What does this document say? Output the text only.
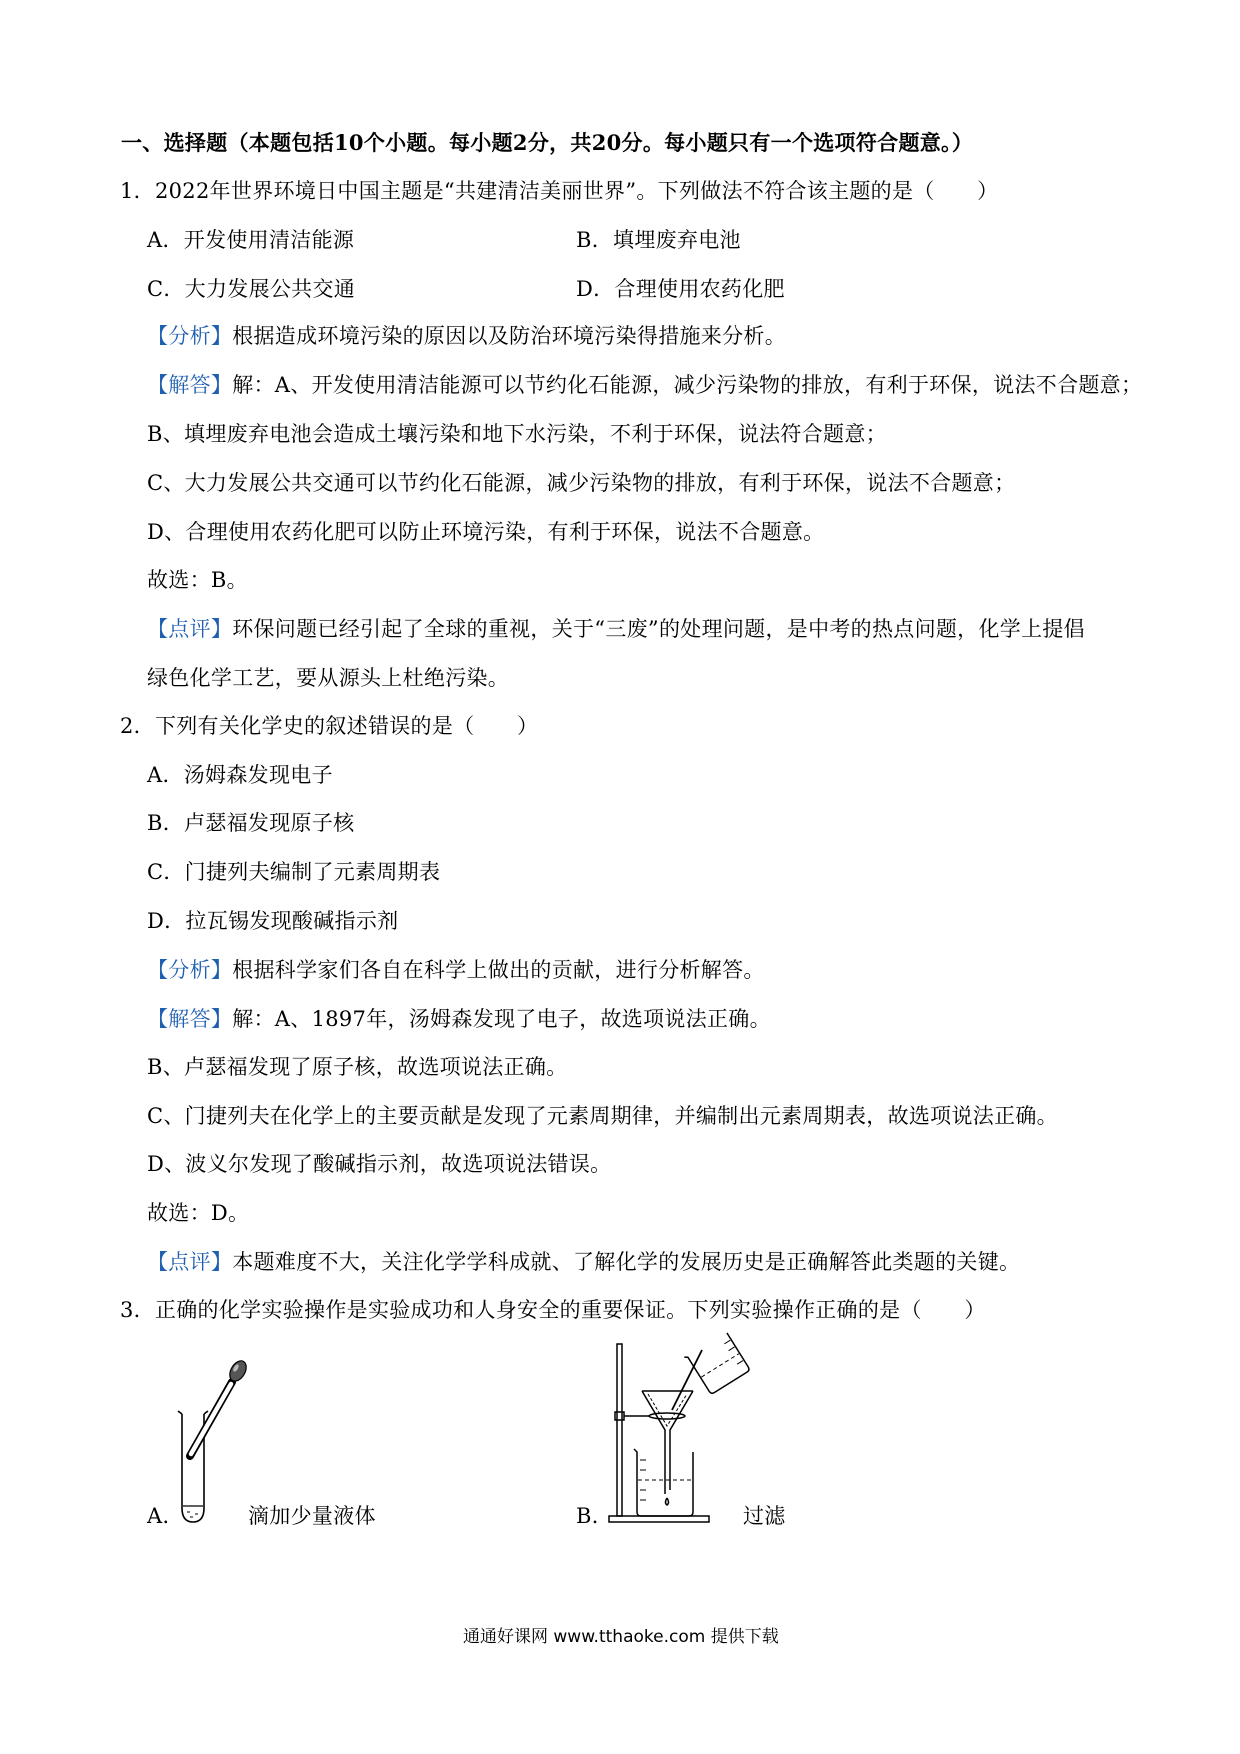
一、选择题（本题包括10个小题。每小题2分，共20分。每小题只有一个选项符合题意。）
1．2022年世界环境日中国主题是“共建清洁美丽世界”。下列做法不符合该主题的是（　　）
A．开发使用清洁能源	B．填埋废弃电池
C．大力发展公共交通	D．合理使用农药化肥
【分析】根据造成环境污染的原因以及防治环境污染得措施来分析。
【解答】解：A、开发使用清洁能源可以节约化石能源，减少污染物的排放，有利于环保，说法不合题意；
B、填埋废弃电池会造成土壤污染和地下水污染，不利于环保，说法符合题意；
C、大力发展公共交通可以节约化石能源，减少污染物的排放，有利于环保，说法不合题意；
D、合理使用农药化肥可以防止环境污染，有利于环保，说法不合题意。
故选：B。
【点评】环保问题已经引起了全球的重视，关于“三废”的处理问题，是中考的热点问题，化学上提倡
绿色化学工艺，要从源头上杜绝污染。
2．下列有关化学史的叙述错误的是（　　）
A．汤姆森发现电子
B．卢瑟福发现原子核
C．门捷列夫编制了元素周期表
D．拉瓦锡发现酸碱指示剂
【分析】根据科学家们各自在科学上做出的贡献，进行分析解答。
【解答】解：A、1897年，汤姆森发现了电子，故选项说法正确。
B、卢瑟福发现了原子核，故选项说法正确。
C、门捷列夫在化学上的主要贡献是发现了元素周期律，并编制出元素周期表，故选项说法正确。
D、波义尔发现了酸碱指示剂，故选项说法错误。
故选：D。
【点评】本题难度不大，关注化学学科成就、了解化学的发展历史是正确解答此类题的关键。
3．正确的化学实验操作是实验成功和人身安全的重要保证。下列实验操作正确的是（　　）
A．	滴加少量液体	B．	过滤
通通好课网 www.tthaoke.com 提供下载
